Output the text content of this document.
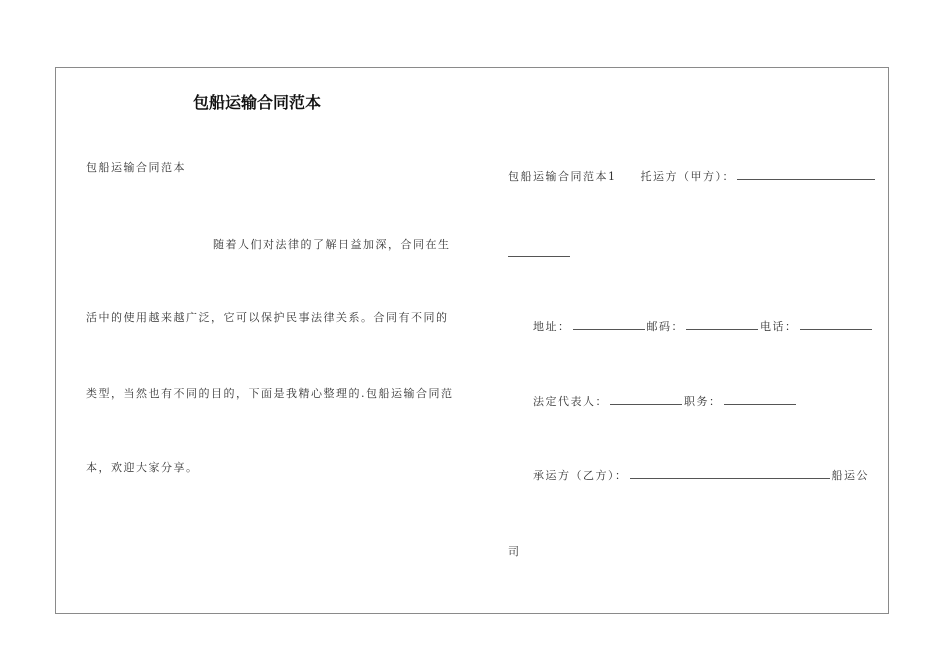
包船运输合同范本
包船运输合同范本
随着人们对法律的了解日益加深，合同在生
活中的使用越来越广泛，它可以保护民事法律关系。合同有不同的
类型，当然也有不同的目的，下面是我精心整理的.包船运输合同范
本，欢迎大家分享。
包船运输合同范本1 托运方（甲方）：
地址：	邮码：	电话：
法定代表人：	职务：
承运方（乙方）：	船运公
司
